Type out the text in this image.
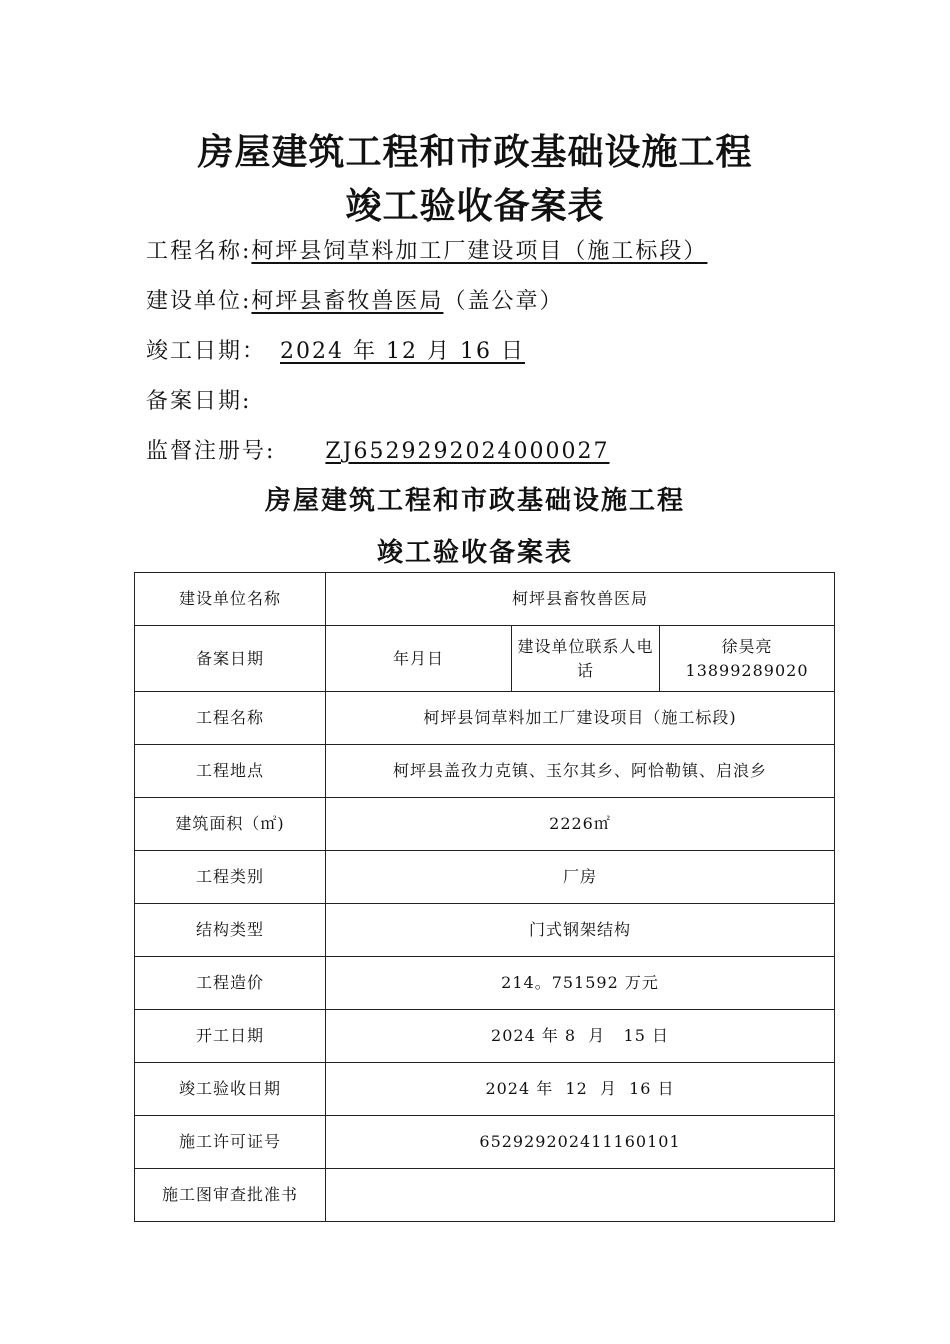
房屋建筑工程和市政基础设施工程
竣工验收备案表
工程名称:柯坪县饲草料加工厂建设项目（施工标段）
建设单位:柯坪县畜牧兽医局（盖公章）
竣工日期： 2024 年 12 月 16 日
备案日期:
监督注册号: ZJ6529292024000027
房屋建筑工程和市政基础设施工程
竣工验收备案表
建设单位名称	柯坪县畜牧兽医局		
备案日期	年月日	建设单位联系人电话	徐昊亮
13899289020

工程名称	柯坪县饲草料加工厂建设项目（施工标段)		
工程地点	柯坪县盖孜力克镇、玉尔其乡、阿恰勒镇、启浪乡		
建筑面积（㎡)	2226㎡		
工程类别	厂房		
结构类型	门式钢架结构		
工程造价	214。751592 万元		
开工日期	2024 年 8  月   15 日		
竣工验收日期	2024 年  12  月  16 日		
施工许可证号	652929202411160101		
施工图审查批准书			
